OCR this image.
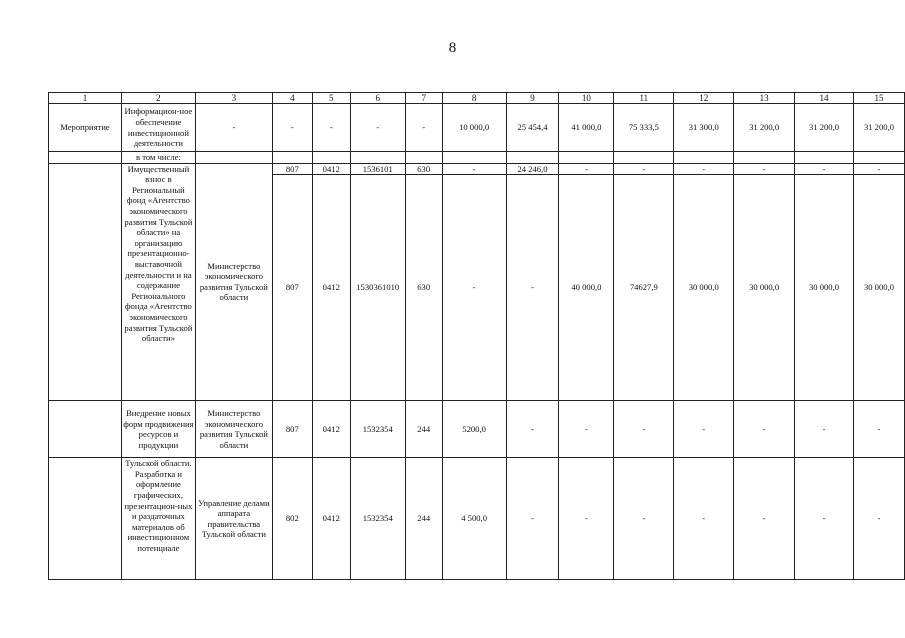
8
1	2	3	4	5	6	7	8	9	10	11	12	13	14	15
Мероприятие	Информацион-ное обеспечение инвестиционной деятельности	-	-	-	-	-	10 000,0	25 454,4	41 000,0	75 333,5	31 300,0	31 200,0	31 200,0	31 200,0
	в том числе:													
	Имущественный взнос в Региональный фонд «Агентство экономического развития Тульской области» на организацию презентационно-выставочной деятельности и на содержание Регионального фонда «Агентство экономического развития Тульской области»	Министерство экономического развития Тульской области	807	0412	1536101	630	-	24 246,0	-	-	-	-	-	-
			807	0412	1530361010	630	-	-	40 000,0	74627,9	30 000,0	30 000,0	30 000,0	30 000,0
	Внедрение новых форм продвижения ресурсов и продукции	Министерство экономического развития Тульской области	807	0412	1532354	244	5200,0	-	-	-	-	-	-	-
	Тульской области. Разработка и оформление графических, презентацион-ных и раздаточных материалов об инвестиционном потенциале	Управление делами аппарата правительства Тульской области	802	0412	1532354	244	4 500,0	-	-	-	-	-	-	-
